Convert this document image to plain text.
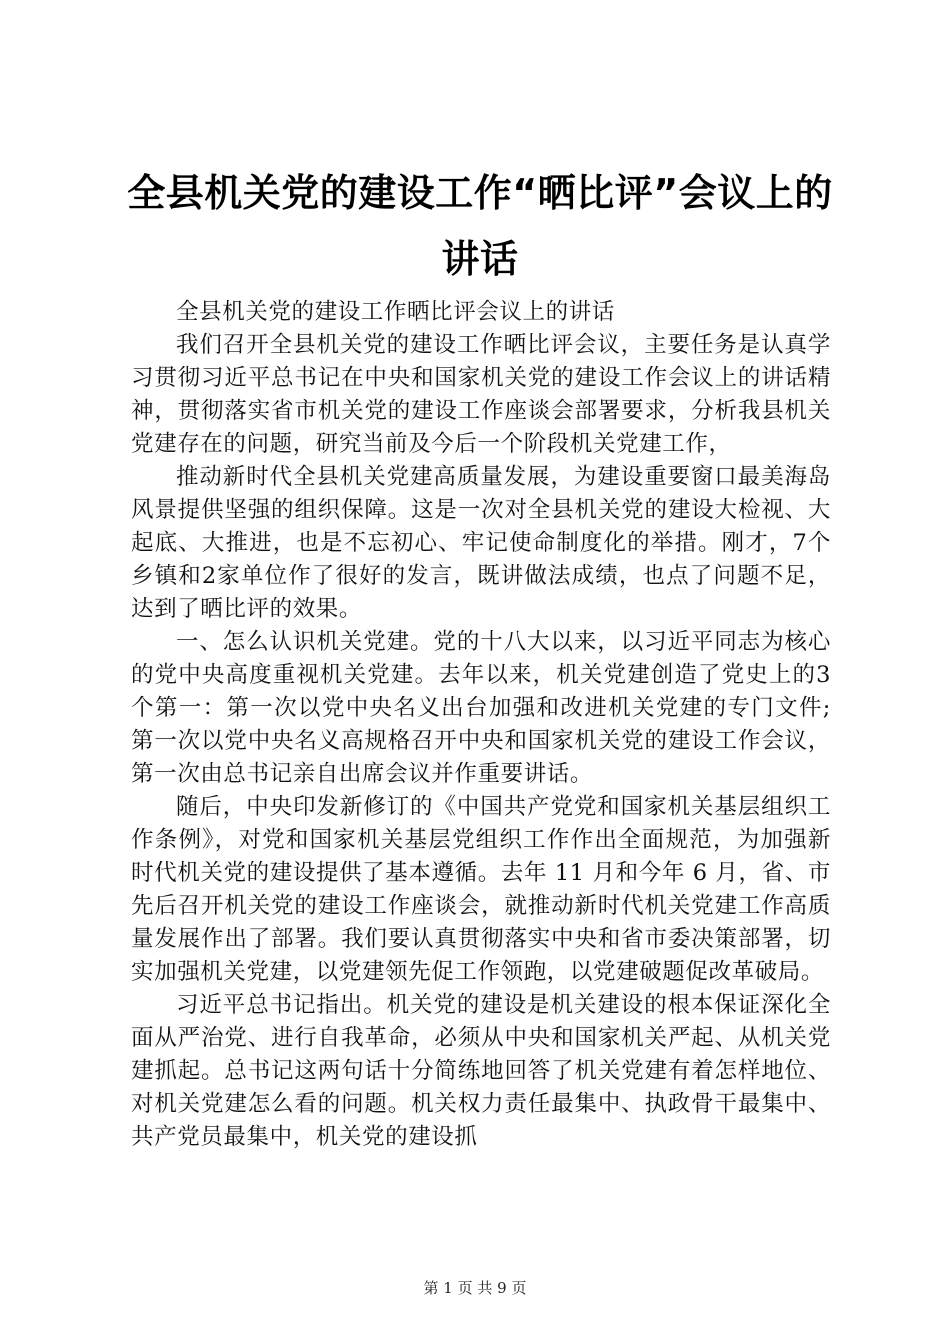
全县机关党的建设工作“晒比评”会议上的讲话

全县机关党的建设工作晒比评会议上的讲话

我们召开全县机关党的建设工作晒比评会议，主要任务是认真学习贯彻习近平总书记在中央和国家机关党的建设工作会议上的讲话精神，贯彻落实省市机关党的建设工作座谈会部署要求，分析我县机关党建存在的问题，研究当前及今后一个阶段机关党建工作，

推动新时代全县机关党建高质量发展，为建设重要窗口最美海岛风景提供坚强的组织保障。这是一次对全县机关党的建设大检视、大起底、大推进，也是不忘初心、牢记使命制度化的举措。刚才，7个乡镇和2家单位作了很好的发言，既讲做法成绩，也点了问题不足，达到了晒比评的效果。

一、怎么认识机关党建。党的十八大以来，以习近平同志为核心的党中央高度重视机关党建。去年以来，机关党建创造了党史上的3个第一：第一次以党中央名义出台加强和改进机关党建的专门文件;第一次以党中央名义高规格召开中央和国家机关党的建设工作会议，第一次由总书记亲自出席会议并作重要讲话。

随后，中央印发新修订的《中国共产党党和国家机关基层组织工作条例》，对党和国家机关基层党组织工作作出全面规范，为加强新时代机关党的建设提供了基本遵循。去年 11 月和今年 6 月，省、市先后召开机关党的建设工作座谈会，就推动新时代机关党建工作高质量发展作出了部署。我们要认真贯彻落实中央和省市委决策部署，切实加强机关党建，以党建领先促工作领跑，以党建破题促改革破局。

习近平总书记指出。机关党的建设是机关建设的根本保证深化全面从严治党、进行自我革命，必须从中央和国家机关严起、从机关党建抓起。总书记这两句话十分简练地回答了机关党建有着怎样地位、对机关党建怎么看的问题。机关权力责任最集中、执政骨干最集中、共产党员最集中，机关党的建设抓

第 1 页 共 9 页
